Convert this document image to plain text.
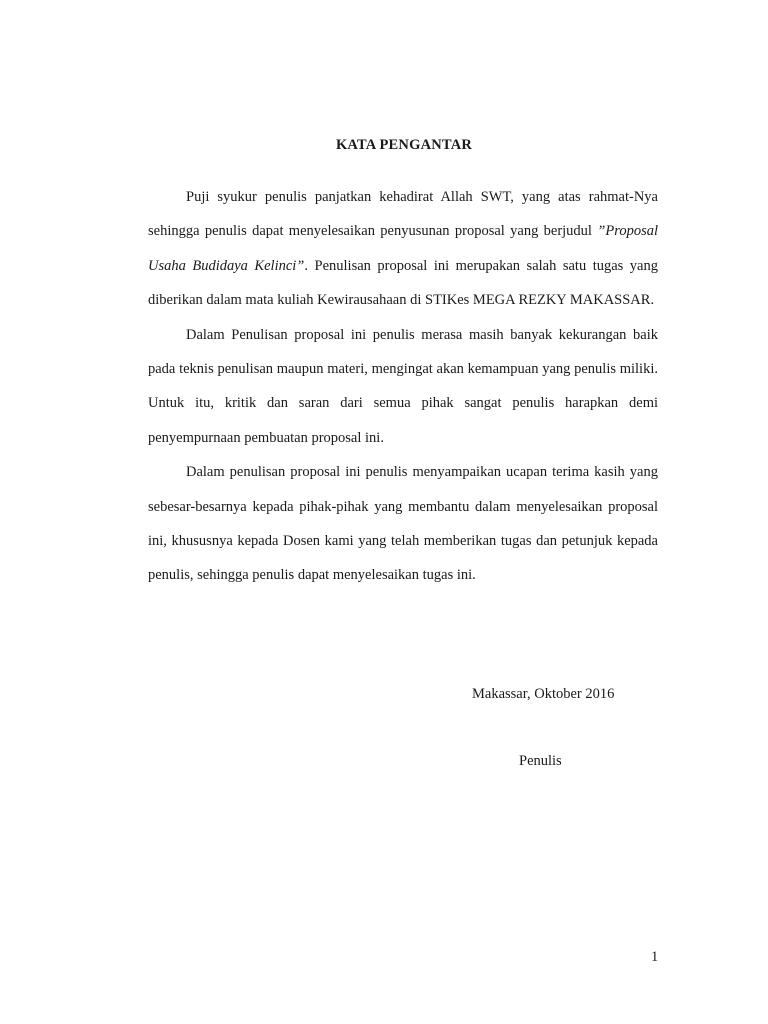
KATA PENGANTAR

Puji syukur penulis panjatkan kehadirat Allah SWT, yang atas rahmat-Nya sehingga penulis dapat menyelesaikan penyusunan proposal yang berjudul ”Proposal Usaha Budidaya Kelinci”. Penulisan proposal ini merupakan salah satu tugas yang diberikan dalam mata kuliah Kewirausahaan di STIKes MEGA REZKY MAKASSAR.

Dalam Penulisan proposal ini penulis merasa masih banyak kekurangan baik pada teknis penulisan maupun materi, mengingat akan kemampuan yang penulis miliki. Untuk itu, kritik dan saran dari semua pihak sangat penulis harapkan demi penyempurnaan pembuatan proposal ini.

Dalam penulisan proposal ini penulis menyampaikan ucapan terima kasih yang sebesar-besarnya kepada pihak-pihak yang membantu dalam menyelesaikan proposal ini, khususnya kepada Dosen kami yang telah memberikan tugas dan petunjuk kepada penulis, sehingga penulis dapat menyelesaikan tugas ini.

Makassar, Oktober 2016
Penulis
1
